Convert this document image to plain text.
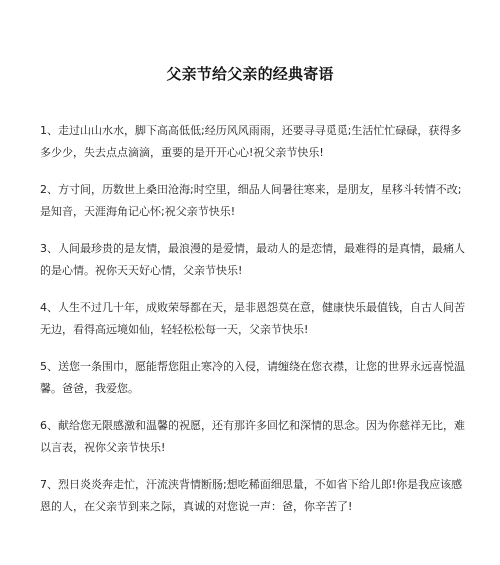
父亲节给父亲的经典寄语

1、走过山山水水，脚下高高低低;经历风风雨雨，还要寻寻觅觅;生活忙忙碌碌，获得多多少少，失去点点滴滴，重要的是开开心心!祝父亲节快乐!

2、方寸间，历数世上桑田沧海;时空里，细品人间暑往寒来，是朋友，星移斗转情不改;是知音，天涯海角记心怀;祝父亲节快乐!

3、人间最珍贵的是友情，最浪漫的是爱情，最动人的是恋情，最难得的是真情，最痛人的是心情。祝你天天好心情，父亲节快乐!

4、人生不过几十年，成败荣辱都在天，是非恩怨莫在意，健康快乐最值钱，自古人间苦无边，看得高远境如仙，轻轻松松每一天，父亲节快乐!

5、送您一条围巾，愿能帮您阻止寒冷的入侵，请缠绕在您衣襟，让您的世界永远喜悦温馨。爸爸，我爱您。

6、献给您无限感激和温馨的祝愿，还有那许多回忆和深情的思念。因为你慈祥无比，难以言表，祝你父亲节快乐!

7、烈日炎炎奔走忙，汗流浃背情断肠;想吃稀面细思量，不如省下给儿郎!你是我应该感恩的人，在父亲节到来之际，真诚的对您说一声：爸，你辛苦了!
